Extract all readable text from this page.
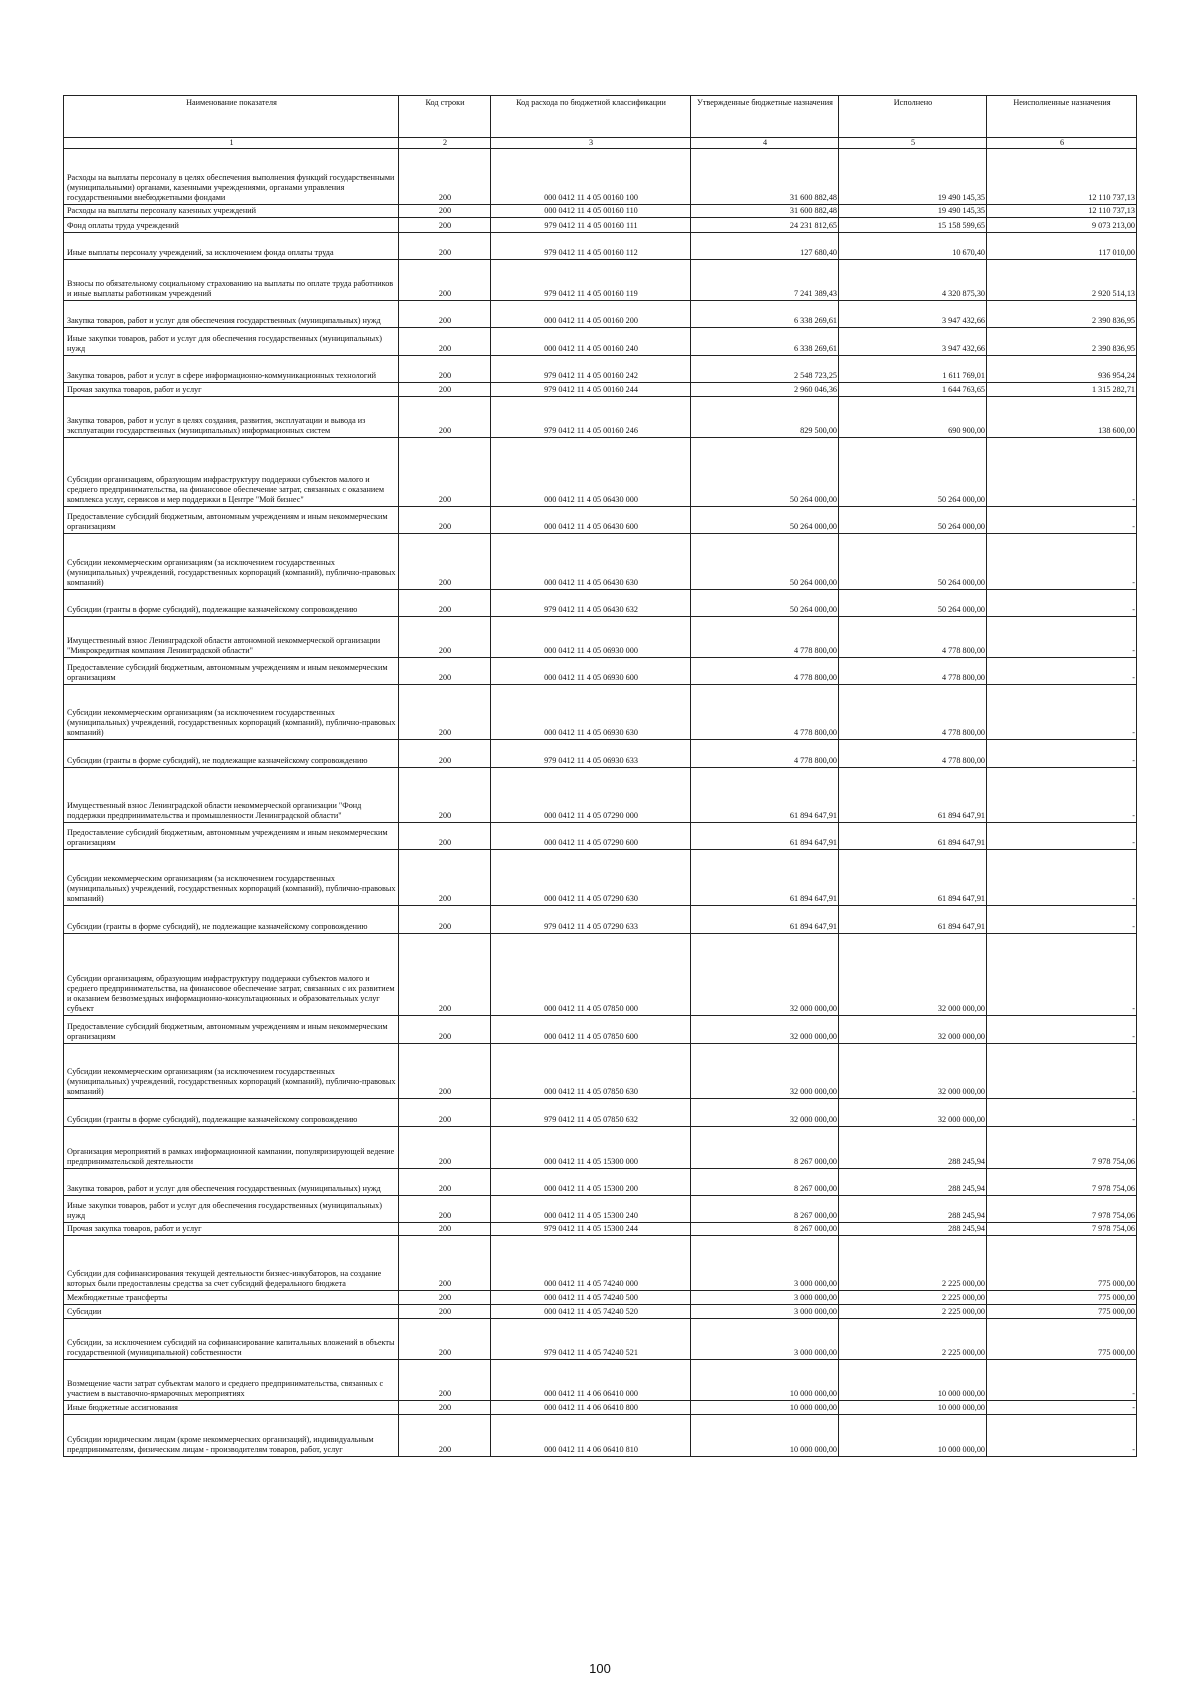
Наименование показателя	Код строки	Код расхода по бюджетной классификации	Утвержденные бюджетные назначения	Исполнено	Неисполненные назначения
1	2	3	4	5	6
Расходы на выплаты персоналу в целях обеспечения выполнения функций государственными (муниципальными) органами, казенными учреждениями, органами управления государственными внебюджетными фондами	200	000 0412 11 4 05 00160 100	31 600 882,48	19 490 145,35	12 110 737,13
Расходы на выплаты персоналу казенных учреждений	200	000 0412 11 4 05 00160 110	31 600 882,48	19 490 145,35	12 110 737,13
Фонд оплаты труда учреждений	200	979 0412 11 4 05 00160 111	24 231 812,65	15 158 599,65	9 073 213,00
Иные выплаты персоналу учреждений, за исключением фонда оплаты труда	200	979 0412 11 4 05 00160 112	127 680,40	10 670,40	117 010,00
Взносы по обязательному социальному страхованию на выплаты по оплате труда работников и иные выплаты работникам учреждений	200	979 0412 11 4 05 00160 119	7 241 389,43	4 320 875,30	2 920 514,13
Закупка товаров, работ и услуг для обеспечения государственных (муниципальных) нужд	200	000 0412 11 4 05 00160 200	6 338 269,61	3 947 432,66	2 390 836,95
Иные закупки товаров, работ и услуг для обеспечения государственных (муниципальных) нужд	200	000 0412 11 4 05 00160 240	6 338 269,61	3 947 432,66	2 390 836,95
Закупка товаров, работ и услуг в сфере информационно-коммуникационных технологий	200	979 0412 11 4 05 00160 242	2 548 723,25	1 611 769,01	936 954,24
Прочая закупка товаров, работ и услуг	200	979 0412 11 4 05 00160 244	2 960 046,36	1 644 763,65	1 315 282,71
Закупка товаров, работ и услуг в целях создания, развития, эксплуатации и вывода из эксплуатации государственных (муниципальных) информационных систем	200	979 0412 11 4 05 00160 246	829 500,00	690 900,00	138 600,00
Субсидии организациям, образующим инфраструктуру поддержки субъектов малого и среднего предпринимательства, на финансовое обеспечение затрат, связанных с оказанием комплекса услуг, сервисов и мер поддержки в Центре "Мой бизнес"	200	000 0412 11 4 05 06430 000	50 264 000,00	50 264 000,00	-
Предоставление субсидий бюджетным, автономным учреждениям и иным некоммерческим организациям	200	000 0412 11 4 05 06430 600	50 264 000,00	50 264 000,00	-
Субсидии некоммерческим организациям (за исключением государственных (муниципальных) учреждений, государственных корпораций (компаний), публично-правовых компаний)	200	000 0412 11 4 05 06430 630	50 264 000,00	50 264 000,00	-
Субсидии (гранты в форме субсидий), подлежащие казначейскому сопровождению	200	979 0412 11 4 05 06430 632	50 264 000,00	50 264 000,00	-
Имущественный взнос Ленинградской области автономной некоммерческой организации "Микрокредитная компания Ленинградской области"	200	000 0412 11 4 05 06930 000	4 778 800,00	4 778 800,00	-
Предоставление субсидий бюджетным, автономным учреждениям и иным некоммерческим организациям	200	000 0412 11 4 05 06930 600	4 778 800,00	4 778 800,00	-
Субсидии некоммерческим организациям (за исключением государственных (муниципальных) учреждений, государственных корпораций (компаний), публично-правовых компаний)	200	000 0412 11 4 05 06930 630	4 778 800,00	4 778 800,00	-
Субсидии (гранты в форме субсидий), не подлежащие казначейскому сопровождению	200	979 0412 11 4 05 06930 633	4 778 800,00	4 778 800,00	-
Имущественный взнос Ленинградской области некоммерческой организации "Фонд поддержки предпринимательства и промышленности Ленинградской области"	200	000 0412 11 4 05 07290 000	61 894 647,91	61 894 647,91	-
Предоставление субсидий бюджетным, автономным учреждениям и иным некоммерческим организациям	200	000 0412 11 4 05 07290 600	61 894 647,91	61 894 647,91	-
Субсидии некоммерческим организациям (за исключением государственных (муниципальных) учреждений, государственных корпораций (компаний), публично-правовых компаний)	200	000 0412 11 4 05 07290 630	61 894 647,91	61 894 647,91	-
Субсидии (гранты в форме субсидий), не подлежащие казначейскому сопровождению	200	979 0412 11 4 05 07290 633	61 894 647,91	61 894 647,91	-
Субсидии организациям, образующим инфраструктуру поддержки субъектов малого и среднего предпринимательства, на финансовое обеспечение затрат, связанных с их развитием и оказанием безвозмездных информационно-консультационных и образовательных услуг субъект	200	000 0412 11 4 05 07850 000	32 000 000,00	32 000 000,00	-
Предоставление субсидий бюджетным, автономным учреждениям и иным некоммерческим организациям	200	000 0412 11 4 05 07850 600	32 000 000,00	32 000 000,00	-
Субсидии некоммерческим организациям (за исключением государственных (муниципальных) учреждений, государственных корпораций (компаний), публично-правовых компаний)	200	000 0412 11 4 05 07850 630	32 000 000,00	32 000 000,00	-
Субсидии (гранты в форме субсидий), подлежащие казначейскому сопровождению	200	979 0412 11 4 05 07850 632	32 000 000,00	32 000 000,00	-
Организация мероприятий в рамках информационной кампании, популяризирующей ведение предпринимательской деятельности	200	000 0412 11 4 05 15300 000	8 267 000,00	288 245,94	7 978 754,06
Закупка товаров, работ и услуг для обеспечения государственных (муниципальных) нужд	200	000 0412 11 4 05 15300 200	8 267 000,00	288 245,94	7 978 754,06
Иные закупки товаров, работ и услуг для обеспечения государственных (муниципальных) нужд	200	000 0412 11 4 05 15300 240	8 267 000,00	288 245,94	7 978 754,06
Прочая закупка товаров, работ и услуг	200	979 0412 11 4 05 15300 244	8 267 000,00	288 245,94	7 978 754,06
Субсидии для софинансирования текущей деятельности бизнес-инкубаторов, на создание которых были предоставлены средства за счет субсидий федерального бюджета	200	000 0412 11 4 05 74240 000	3 000 000,00	2 225 000,00	775 000,00
Межбюджетные трансферты	200	000 0412 11 4 05 74240 500	3 000 000,00	2 225 000,00	775 000,00
Субсидии	200	000 0412 11 4 05 74240 520	3 000 000,00	2 225 000,00	775 000,00
Субсидии, за исключением субсидий на софинансирование капитальных вложений в объекты государственной (муниципальной) собственности	200	979 0412 11 4 05 74240 521	3 000 000,00	2 225 000,00	775 000,00
Возмещение части затрат субъектам малого и среднего предпринимательства, связанных с участием в выставочно-ярмарочных мероприятиях	200	000 0412 11 4 06 06410 000	10 000 000,00	10 000 000,00	-
Иные бюджетные ассигнования	200	000 0412 11 4 06 06410 800	10 000 000,00	10 000 000,00	-
Субсидии юридическим лицам (кроме некоммерческих организаций), индивидуальным предпринимателям, физическим лицам - производителям товаров, работ, услуг	200	000 0412 11 4 06 06410 810	10 000 000,00	10 000 000,00	-
100
